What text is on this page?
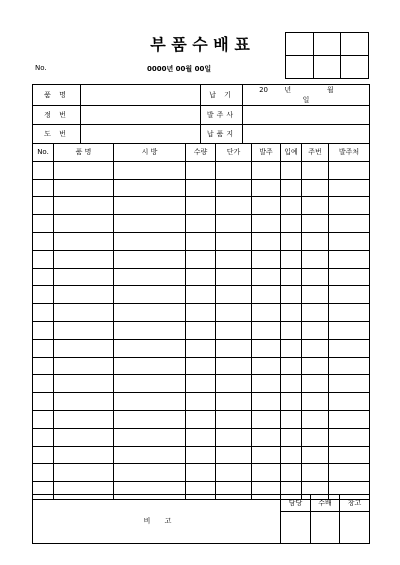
부 품 수 배 표
No.	0000년 00월 00일

품 명		납 기	20 년 월  일
정 번		발주사	
도 번		납품지	
No.	품 명	시 방	수량	단가	발주	입예	주번	발주처

비 고	담당	수배	창고
